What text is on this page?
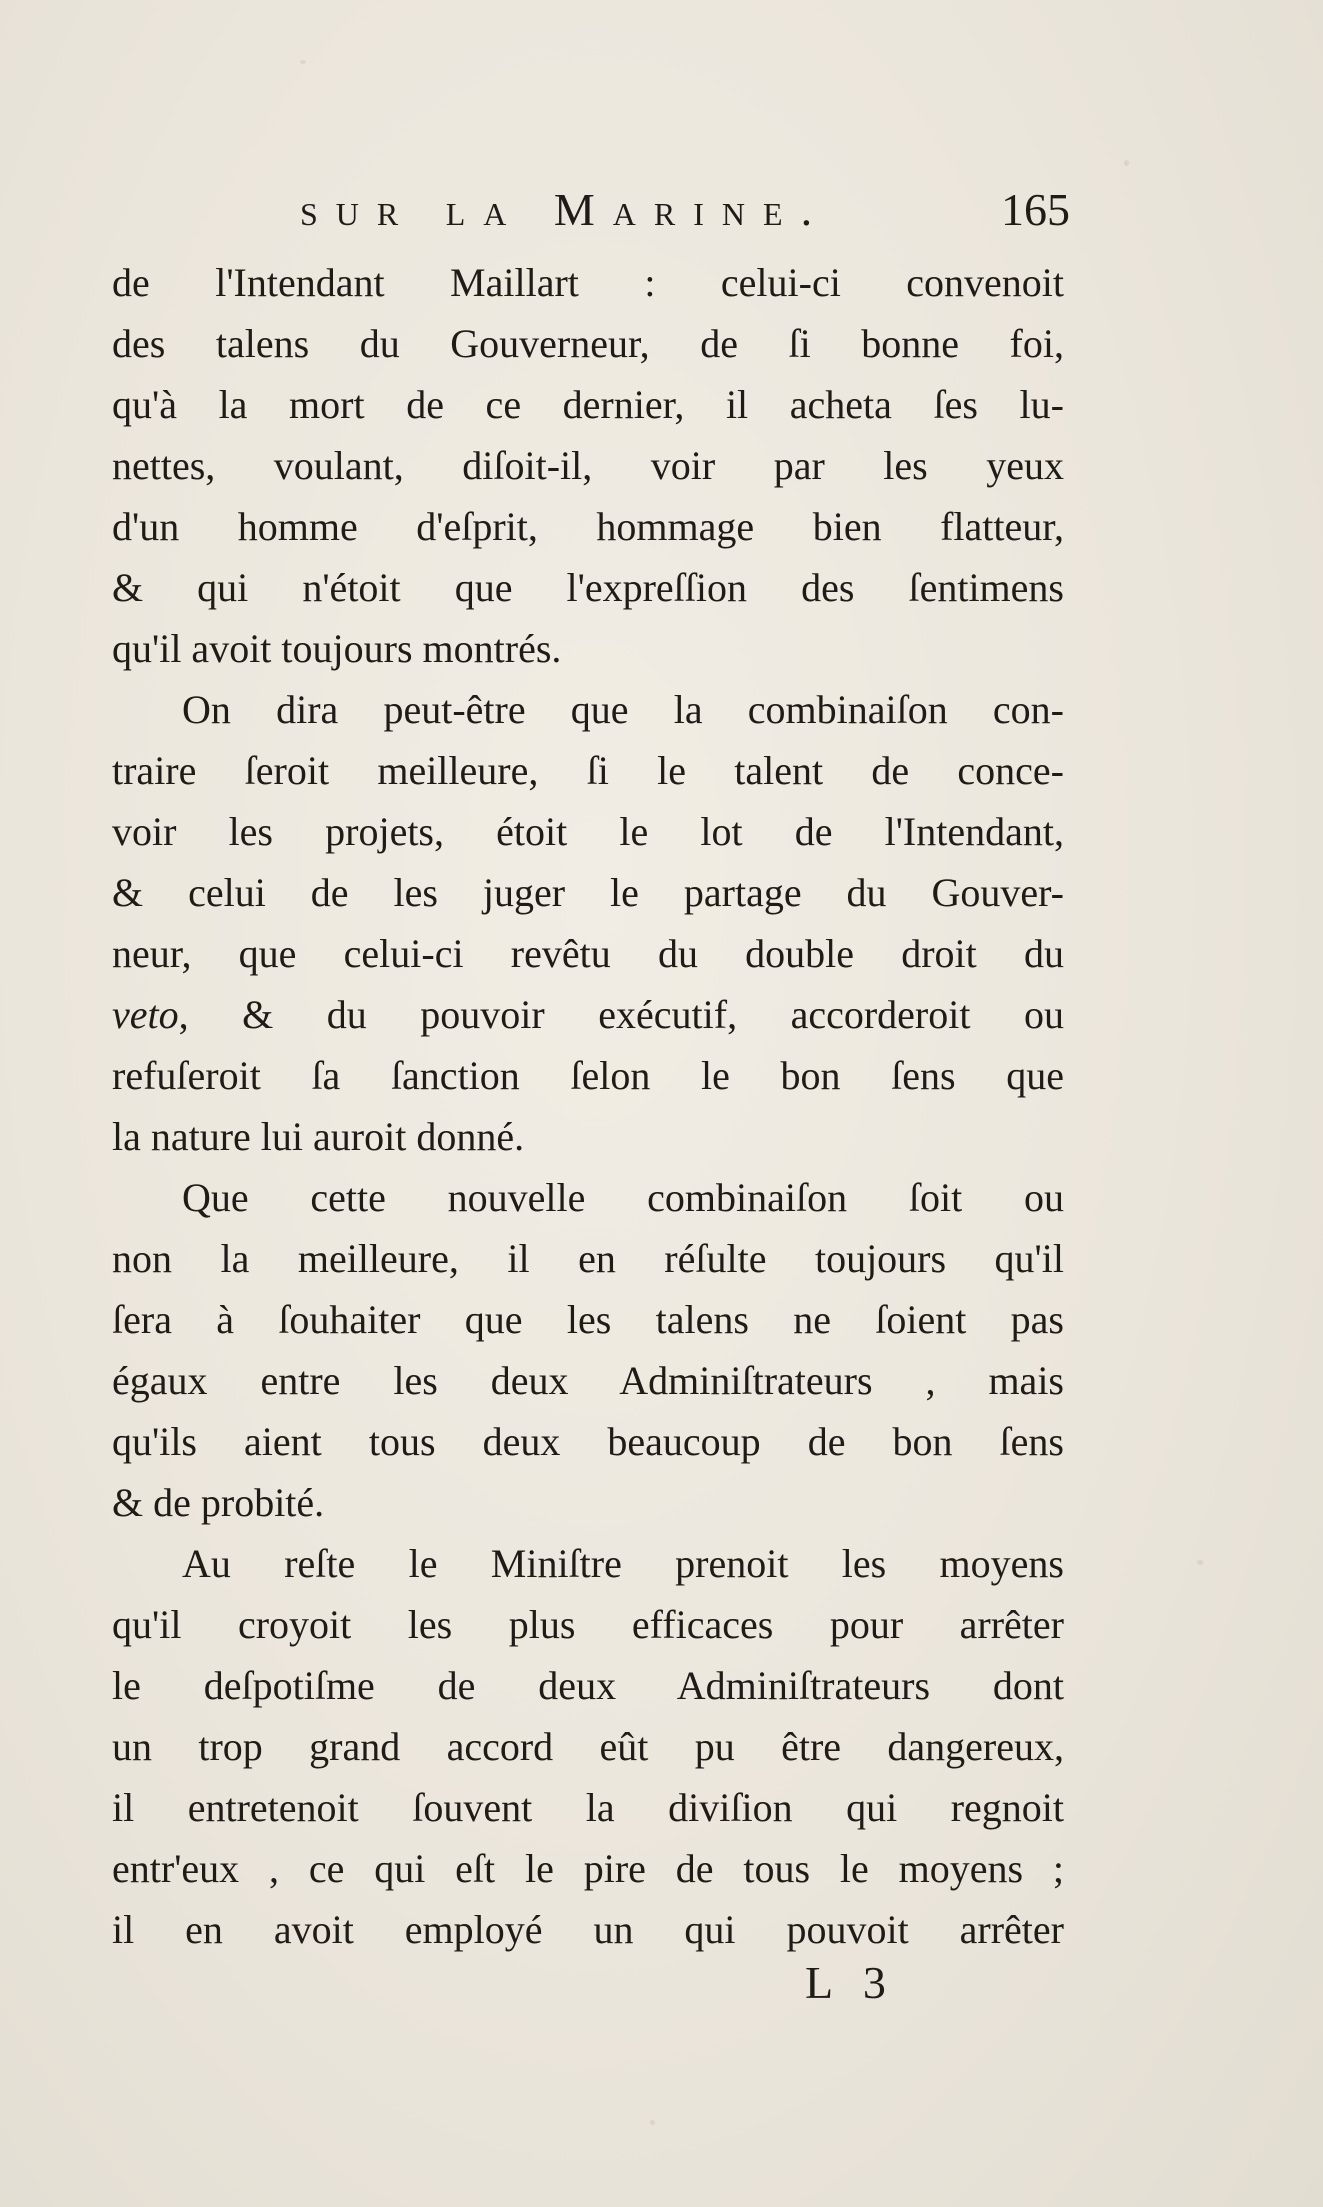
sur la Marine.	165
de l'Intendant Maillart : celui-ci convenoit
des talens du Gouverneur, de ſi bonne foi,
qu'à la mort de ce dernier, il acheta ſes lu-
nettes, voulant, diſoit-il, voir par les yeux
d'un homme d'eſprit, hommage bien flatteur,
& qui n'étoit que l'expreſſion des ſentimens
qu'il avoit toujours montrés.
On dira peut-être que la combinaiſon con-
traire ſeroit meilleure, ſi le talent de conce-
voir les projets, étoit le lot de l'Intendant,
& celui de les juger le partage du Gouver-
neur, que celui-ci revêtu du double droit du
veto, & du pouvoir exécutif, accorderoit ou
refuſeroit ſa ſanction ſelon le bon ſens que
la nature lui auroit donné.
Que cette nouvelle combinaiſon ſoit ou
non la meilleure, il en réſulte toujours qu'il
ſera à ſouhaiter que les talens ne ſoient pas
égaux entre les deux Adminiſtrateurs , mais
qu'ils aient tous deux beaucoup de bon ſens
& de probité.
Au reſte le Miniſtre prenoit les moyens
qu'il croyoit les plus efficaces pour arrêter
le deſpotiſme de deux Adminiſtrateurs dont
un trop grand accord eût pu être dangereux,
il entretenoit ſouvent la diviſion qui regnoit
entr'eux , ce qui eſt le pire de tous le moyens ;
il en avoit employé un qui pouvoit arrêter
L 3
